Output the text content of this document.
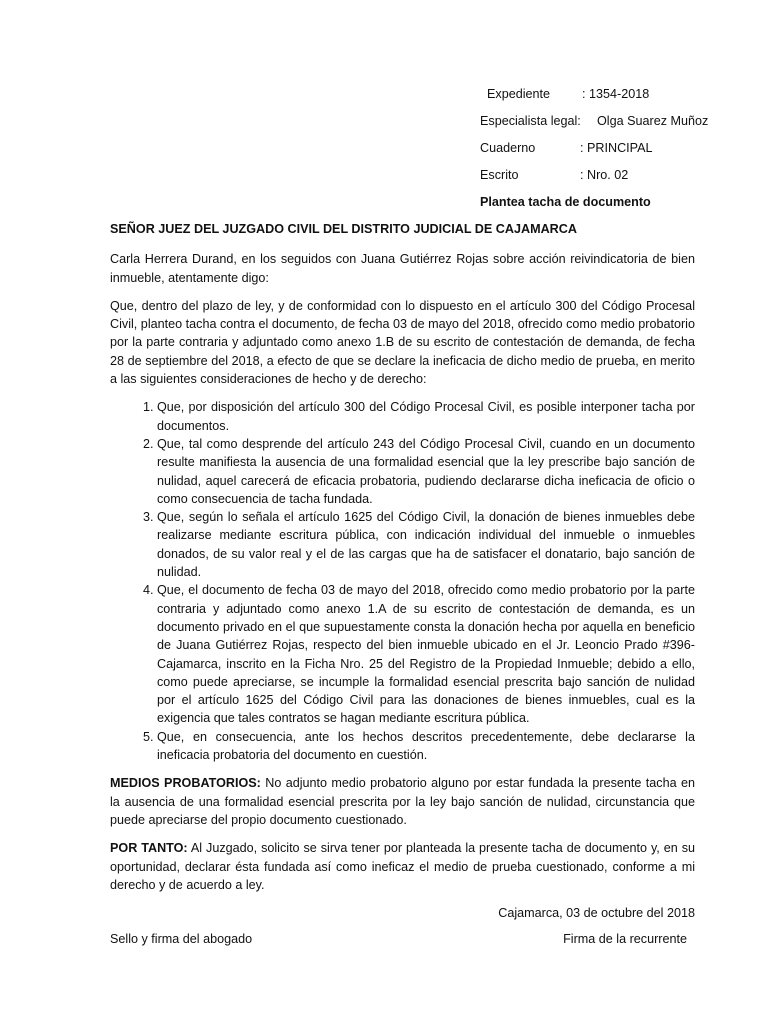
Expediente	: 1354-2018
Especialista legal: Olga Suarez Muñoz
Cuaderno	: PRINCIPAL
Escrito	: Nro. 02
Plantea tacha de documento

SEÑOR JUEZ DEL JUZGADO CIVIL DEL DISTRITO JUDICIAL DE CAJAMARCA

Carla Herrera Durand, en los seguidos con Juana Gutiérrez Rojas sobre acción reivindicatoria de bien inmueble, atentamente digo:

Que, dentro del plazo de ley, y de conformidad con lo dispuesto en el artículo 300 del Código Procesal Civil, planteo tacha contra el documento, de fecha 03 de mayo del 2018, ofrecido como medio probatorio por la parte contraria y adjuntado como anexo 1.B de su escrito de contestación de demanda, de fecha 28 de septiembre del 2018, a efecto de que se declare la ineficacia de dicho medio de prueba, en merito a las siguientes consideraciones de hecho y de derecho:

1. Que, por disposición del artículo 300 del Código Procesal Civil, es posible interponer tacha por documentos.
2. Que, tal como desprende del artículo 243 del Código Procesal Civil, cuando en un documento resulte manifiesta la ausencia de una formalidad esencial que la ley prescribe bajo sanción de nulidad, aquel carecerá de eficacia probatoria, pudiendo declararse dicha ineficacia de oficio o como consecuencia de tacha fundada.
3. Que, según lo señala el artículo 1625 del Código Civil, la donación de bienes inmuebles debe realizarse mediante escritura pública, con indicación individual del inmueble o inmuebles donados, de su valor real y el de las cargas que ha de satisfacer el donatario, bajo sanción de nulidad.
4. Que, el documento de fecha 03 de mayo del 2018, ofrecido como medio probatorio por la parte contraria y adjuntado como anexo 1.A de su escrito de contestación de demanda, es un documento privado en el que supuestamente consta la donación hecha por aquella en beneficio de Juana Gutiérrez Rojas, respecto del bien inmueble ubicado en el Jr. Leoncio Prado #396-Cajamarca, inscrito en la Ficha Nro. 25 del Registro de la Propiedad Inmueble; debido a ello, como puede apreciarse, se incumple la formalidad esencial prescrita bajo sanción de nulidad por el artículo 1625 del Código Civil para las donaciones de bienes inmuebles, cual es la exigencia que tales contratos se hagan mediante escritura pública.
5. Que, en consecuencia, ante los hechos descritos precedentemente, debe declararse la ineficacia probatoria del documento en cuestión.

MEDIOS PROBATORIOS: No adjunto medio probatorio alguno por estar fundada la presente tacha en la ausencia de una formalidad esencial prescrita por la ley bajo sanción de nulidad, circunstancia que puede apreciarse del propio documento cuestionado.

POR TANTO: Al Juzgado, solicito se sirva tener por planteada la presente tacha de documento y, en su oportunidad, declarar ésta fundada así como ineficaz el medio de prueba cuestionado, conforme a mi derecho y de acuerdo a ley.

Cajamarca, 03 de octubre del 2018

Sello y firma del abogado	Firma de la recurrente
